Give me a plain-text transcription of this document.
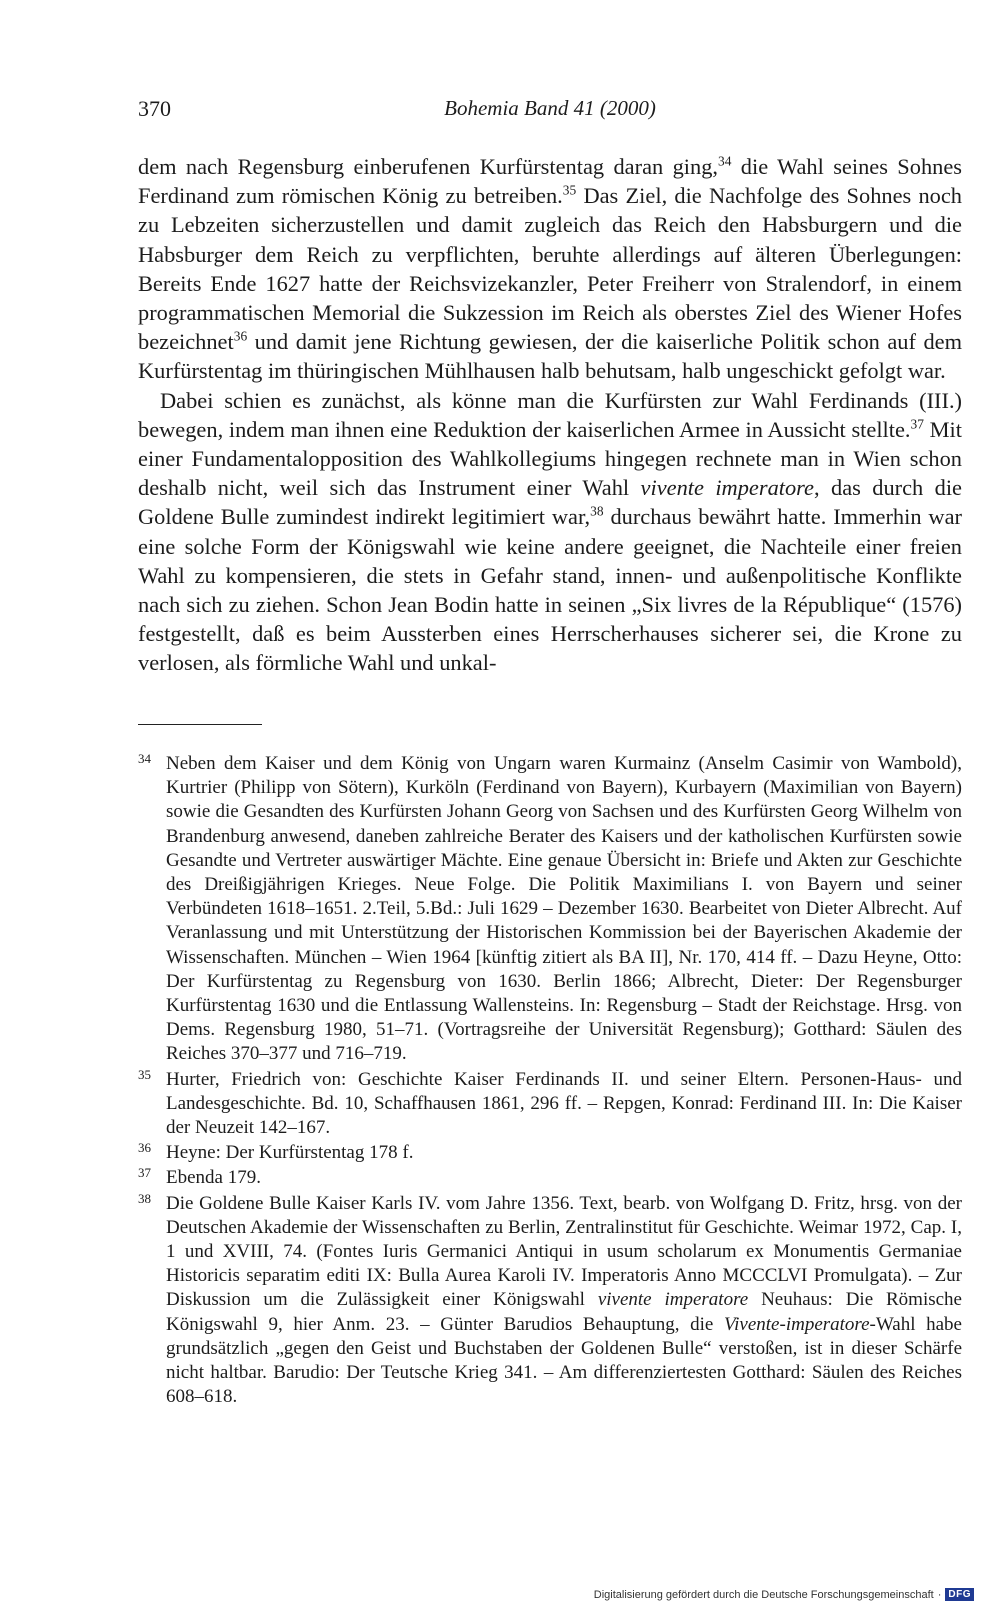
370	Bohemia Band 41 (2000)

dem nach Regensburg einberufenen Kurfürstentag daran ging,$^{34}$ die Wahl seines Sohnes Ferdinand zum römischen König zu betreiben.$^{35}$ Das Ziel, die Nachfolge des Sohnes noch zu Lebzeiten sicherzustellen und damit zugleich das Reich den Habsburgern und die Habsburger dem Reich zu verpflichten, beruhte allerdings auf älteren Überlegungen: Bereits Ende 1627 hatte der Reichsvizekanzler, Peter Freiherr von Stralendorf, in einem programmatischen Memorial die Sukzession im Reich als oberstes Ziel des Wiener Hofes bezeichnet$^{36}$ und damit jene Richtung gewiesen, der die kaiserliche Politik schon auf dem Kurfürstentag im thüringischen Mühlhausen halb behutsam, halb ungeschickt gefolgt war.

Dabei schien es zunächst, als könne man die Kurfürsten zur Wahl Ferdinands (III.) bewegen, indem man ihnen eine Reduktion der kaiserlichen Armee in Aussicht stellte.$^{37}$ Mit einer Fundamentalopposition des Wahlkollegiums hingegen rechnete man in Wien schon deshalb nicht, weil sich das Instrument einer Wahl vivente imperatore, das durch die Goldene Bulle zumindest indirekt legitimiert war,$^{38}$ durchaus bewährt hatte. Immerhin war eine solche Form der Königswahl wie keine andere geeignet, die Nachteile einer freien Wahl zu kompensieren, die stets in Gefahr stand, innen- und außenpolitische Konflikte nach sich zu ziehen. Schon Jean Bodin hatte in seinen „Six livres de la République“ (1576) festgestellt, daß es beim Aussterben eines Herrscherhauses sicherer sei, die Krone zu verlosen, als förmliche Wahl und unkal-

34 Neben dem Kaiser und dem König von Ungarn waren Kurmainz (Anselm Casimir von Wambold), Kurtrier (Philipp von Sötern), Kurköln (Ferdinand von Bayern), Kurbayern (Maximilian von Bayern) sowie die Gesandten des Kurfürsten Johann Georg von Sachsen und des Kurfürsten Georg Wilhelm von Brandenburg anwesend, daneben zahlreiche Berater des Kaisers und der katholischen Kurfürsten sowie Gesandte und Vertreter auswärtiger Mächte. Eine genaue Übersicht in: Briefe und Akten zur Geschichte des Dreißigjährigen Krieges. Neue Folge. Die Politik Maximilians I. von Bayern und seiner Verbündeten 1618–1651. 2.Teil, 5.Bd.: Juli 1629 – Dezember 1630. Bearbeitet von Dieter Albrecht. Auf Veranlassung und mit Unterstützung der Historischen Kommission bei der Bayerischen Akademie der Wissenschaften. München – Wien 1964 [künftig zitiert als BA II], Nr. 170, 414 ff. – Dazu Heyne, Otto: Der Kurfürstentag zu Regensburg von 1630. Berlin 1866; Albrecht, Dieter: Der Regensburger Kurfürstentag 1630 und die Entlassung Wallensteins. In: Regensburg – Stadt der Reichstage. Hrsg. von Dems. Regensburg 1980, 51–71. (Vortragsreihe der Universität Regensburg); Gotthard: Säulen des Reiches 370–377 und 716–719.
35 Hurter, Friedrich von: Geschichte Kaiser Ferdinands II. und seiner Eltern. Personen-Haus- und Landesgeschichte. Bd. 10, Schaffhausen 1861, 296 ff. – Repgen, Konrad: Ferdinand III. In: Die Kaiser der Neuzeit 142–167.
36 Heyne: Der Kurfürstentag 178 f.
37 Ebenda 179.
38 Die Goldene Bulle Kaiser Karls IV. vom Jahre 1356. Text, bearb. von Wolfgang D. Fritz, hrsg. von der Deutschen Akademie der Wissenschaften zu Berlin, Zentralinstitut für Geschichte. Weimar 1972, Cap. I, 1 und XVIII, 74. (Fontes Iuris Germanici Antiqui in usum scholarum ex Monumentis Germaniae Historicis separatim editi IX: Bulla Aurea Karoli IV. Imperatoris Anno MCCCLVI Promulgata). – Zur Diskussion um die Zulässigkeit einer Königswahl vivente imperatore Neuhaus: Die Römische Königswahl 9, hier Anm. 23. – Günter Barudios Behauptung, die Vivente-imperatore-Wahl habe grundsätzlich „gegen den Geist und Buchstaben der Goldenen Bulle“ verstoßen, ist in dieser Schärfe nicht haltbar. Barudio: Der Teutsche Krieg 341. – Am differenziertesten Gotthard: Säulen des Reiches 608–618.
Digitalisierung gefördert durch die Deutsche Forschungsgemeinschaft · DFG
